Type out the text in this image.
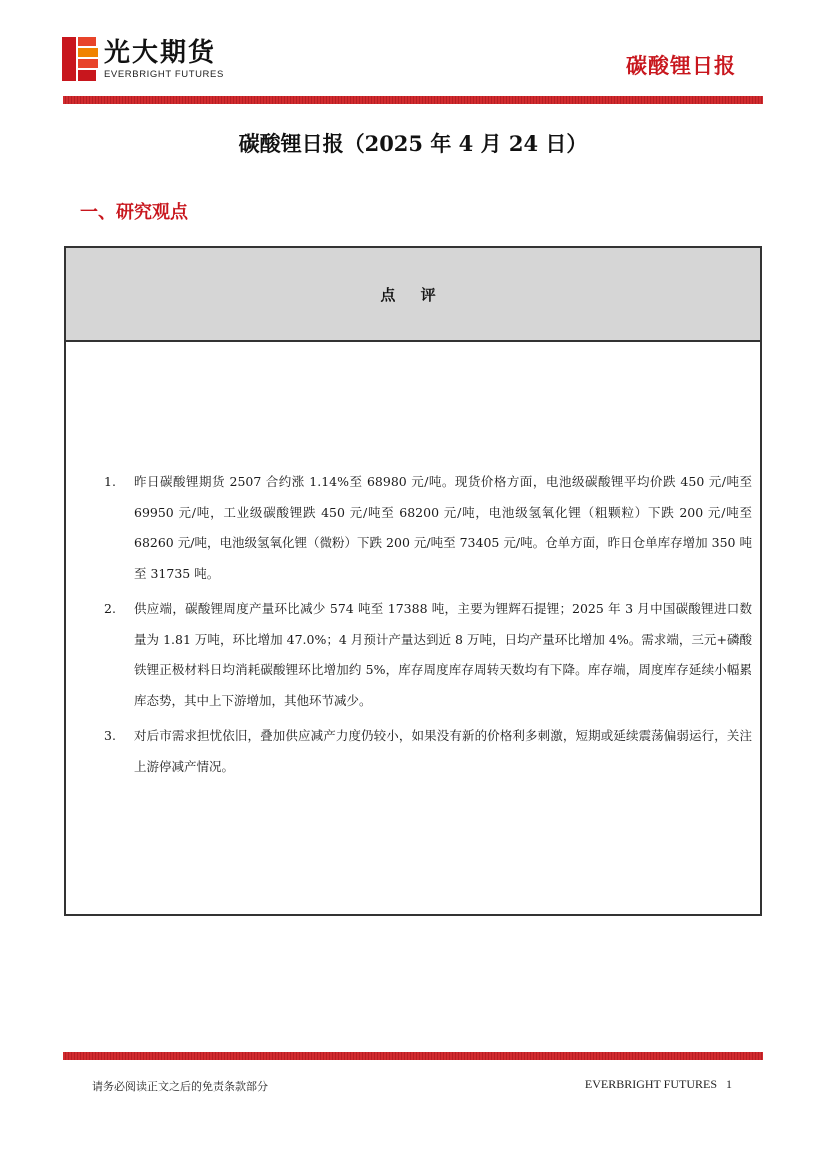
光大期货
EVERBRIGHT FUTURES	碳酸锂日报
碳酸锂日报（2025 年 4 月 24 日）
一、研究观点
点 评
1.	昨日碳酸锂期货 2507 合约涨 1.14%至 68980 元/吨。现货价格方面，电池级碳酸锂平均价跌 450 元/吨至 69950 元/吨，工业级碳酸锂跌 450 元/吨至 68200 元/吨，电池级氢氧化锂（粗颗粒）下跌 200 元/吨至 68260 元/吨，电池级氢氧化锂（微粉）下跌 200 元/吨至 73405 元/吨。仓单方面，昨日仓单库存增加 350 吨至 31735 吨。
2.	供应端，碳酸锂周度产量环比减少 574 吨至 17388 吨，主要为锂辉石提锂；2025 年 3 月中国碳酸锂进口数量为 1.81 万吨，环比增加 47.0%；4 月预计产量达到近 8 万吨，日均产量环比增加 4%。需求端，三元+磷酸铁锂正极材料日均消耗碳酸锂环比增加约 5%，库存周度库存周转天数均有下降。库存端，周度库存延续小幅累库态势，其中上下游增加，其他环节减少。
3.	对后市需求担忧依旧，叠加供应减产力度仍较小，如果没有新的价格利多刺激，短期或延续震荡偏弱运行，关注上游停减产情况。
请务必阅读正文之后的免责条款部分	EVERBRIGHT FUTURES 1
